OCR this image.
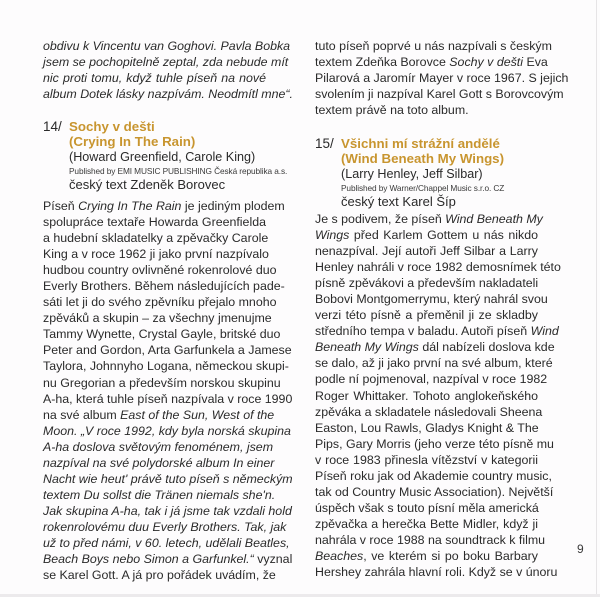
obdivu k Vincentu van Goghovi. Pavla Bobka
jsem se pochopitelně zeptal, zda nebude mít
nic proti tomu, když tuhle píseň na nové
album Dotek lásky nazpívám. Neodmítl mne“.

14/ Sochy v dešti
(Crying In The Rain)
(Howard Greenfield, Carole King)
Published by EMI MUSIC PUBLISHING Česká republika a.s.
český text Zdeněk Borovec

Píseň Crying In The Rain je jediným plodem
spolupráce textaře Howarda Greenfielda
a hudební skladatelky a zpěvačky Carole
King a v roce 1962 ji jako první nazpívalo
hudbou country ovlivněné rokenrolové duo
Everly Brothers. Během následujících pade-
sáti let ji do svého zpěvníku přejalo mnoho
zpěváků a skupin – za všechny jmenujme
Tammy Wynette, Crystal Gayle, britské duo
Peter and Gordon, Arta Garfunkela a Jamese
Taylora, Johnnyho Logana, německou skupi-
nu Gregorian a především norskou skupinu
A-ha, která tuhle píseň nazpívala v roce 1990
na své album East of the Sun, West of the
Moon. „V roce 1992, kdy byla norská skupina
A-ha doslova světovým fenoménem, jsem
nazpíval na své polydorské album In einer
Nacht wie heut' právě tuto píseň s německým
textem Du sollst die Tränen niemals she'n.
Jak skupina A-ha, tak i já jsme tak vzdali hold
rokenrolovému duu Everly Brothers. Tak, jak
už to před námi, v 60. letech, udělali Beatles,
Beach Boys nebo Simon a Garfunkel.“ vyznal
se Karel Gott. A já pro pořádek uvádím, že

tuto píseň poprvé u nás nazpívali s českým
textem Zdeňka Borovce Sochy v dešti Eva
Pilarová a Jaromír Mayer v roce 1967. S jejich
svolením ji nazpíval Karel Gott s Borovcovým
textem právě na toto album.

15/ Všichni mí strážní andělé
(Wind Beneath My Wings)
(Larry Henley, Jeff Silbar)
Published by Warner/Chappel Music s.r.o. CZ
český text Karel Šíp

Je s podivem, že píseň Wind Beneath My
Wings před Karlem Gottem u nás nikdo
nenazpíval. Její autoři Jeff Silbar a Larry
Henley nahráli v roce 1982 demosnímek této
písně zpěvákovi a především nakladateli
Bobovi Montgomerrymu, který nahrál svou
verzi této písně a přeměnil ji ze skladby
středního tempa v baladu. Autoři píseň Wind
Beneath My Wings dál nabízeli doslova kde
se dalo, až ji jako první na své album, které
podle ní pojmenoval, nazpíval v roce 1982
Roger Whittaker. Tohoto anglokeňského
zpěváka a skladatele následovali Sheena
Easton, Lou Rawls, Gladys Knight & The
Pips, Gary Morris (jeho verze této písně mu
v roce 1983 přinesla vítězství v kategorii
Píseň roku jak od Akademie country music,
tak od Country Music Association). Největší
úspěch však s touto písní měla americká
zpěvačka a herečka Bette Midler, když ji
nahrála v roce 1988 na soundtrack k filmu
Beaches, ve kterém si po boku Barbary
Hershey zahrála hlavní roli. Když se v únoru

9
